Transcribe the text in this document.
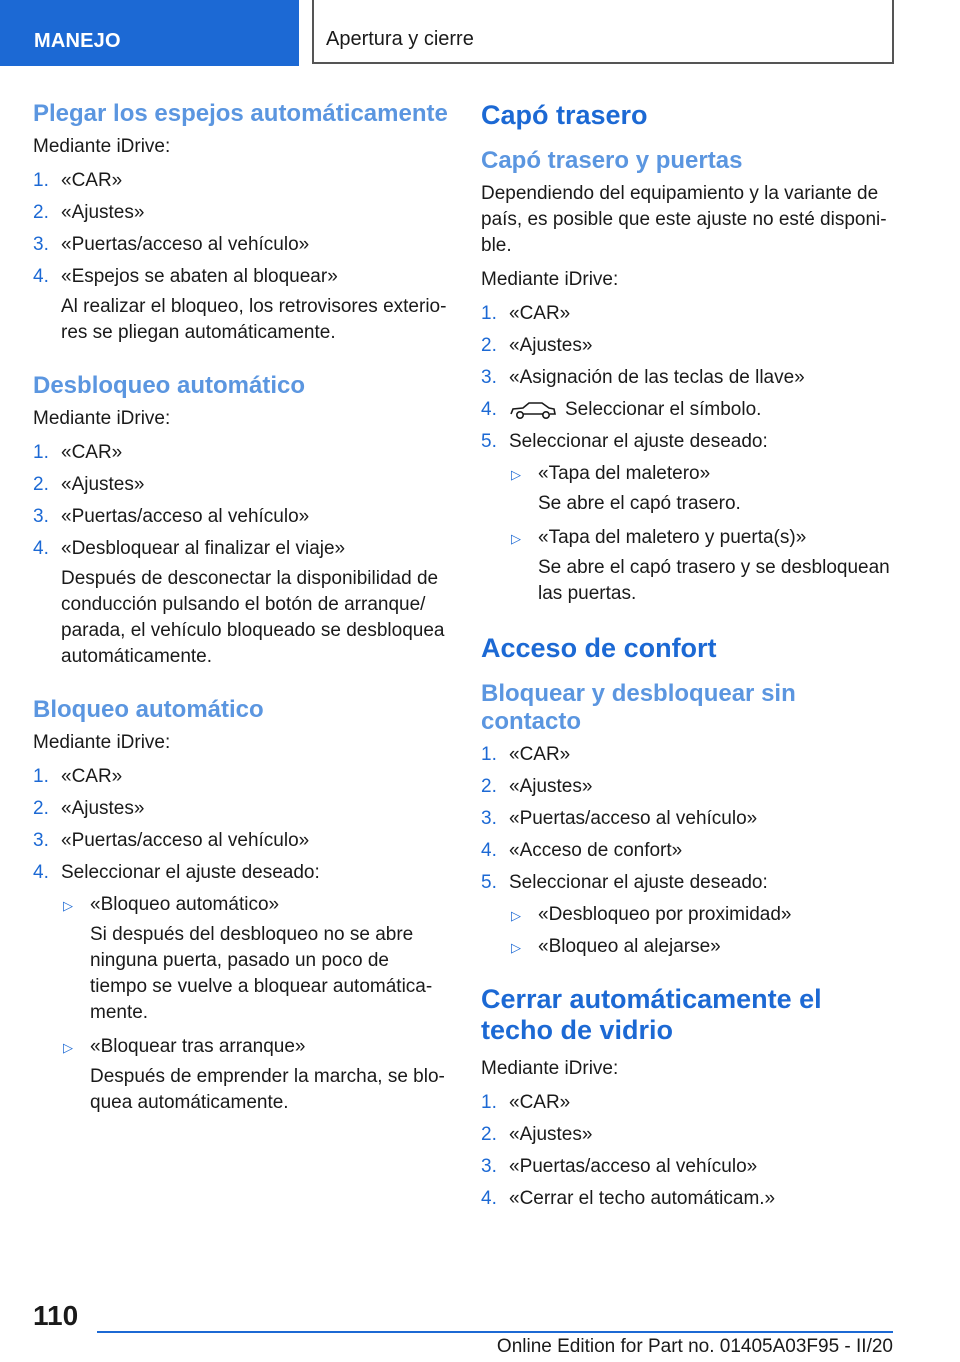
MANEJO	Apertura y cierre
Plegar los espejos automáticamente

Mediante iDrive:

1. «CAR»
2. «Ajustes»
3. «Puertas/acceso al vehículo»
4. «Espejos se abaten al bloquear»
Al realizar el bloqueo, los retrovisores exterio‐ res se pliegan automáticamente.
Desbloqueo automático

Mediante iDrive:

1. «CAR»
2. «Ajustes»
3. «Puertas/acceso al vehículo»
4. «Desbloquear al finalizar el viaje»
Después de desconectar la disponibilidad de conducción pulsando el botón de arranque/ parada, el vehículo bloqueado se desbloquea automáticamente.
Bloqueo automático

Mediante iDrive:

1. «CAR»
2. «Ajustes»
3. «Puertas/acceso al vehículo»
4. Seleccionar el ajuste deseado:
▷ «Bloqueo automático»
Si después del desbloqueo no se abre ninguna puerta, pasado un poco de tiempo se vuelve a bloquear automática‐ mente.
▷ «Bloquear tras arranque»
Después de emprender la marcha, se blo‐ quea automáticamente.
Capó trasero
Capó trasero y puertas

Dependiendo del equipamiento y la variante de país, es posible que este ajuste no esté disponi‐ ble.

Mediante iDrive:

1. «CAR»
2. «Ajustes»
3. «Asignación de las teclas de llave»
4.	Seleccionar el símbolo.
5. Seleccionar el ajuste deseado:
▷ «Tapa del maletero»
Se abre el capó trasero.
▷ «Tapa del maletero y puerta(s)»
Se abre el capó trasero y se desbloquean las puertas.
Acceso de confort
Bloquear y desbloquear sin contacto
1. «CAR»
2. «Ajustes»
3. «Puertas/acceso al vehículo»
4. «Acceso de confort»
5. Seleccionar el ajuste deseado:
▷ «Desbloqueo por proximidad»
▷ «Bloqueo al alejarse»
Cerrar automáticamente el techo de vidrio

Mediante iDrive:

1. «CAR»
2. «Ajustes»
3. «Puertas/acceso al vehículo»
4. «Cerrar el techo automáticam.»
110
Online Edition for Part no. 01405A03F95 - II/20
